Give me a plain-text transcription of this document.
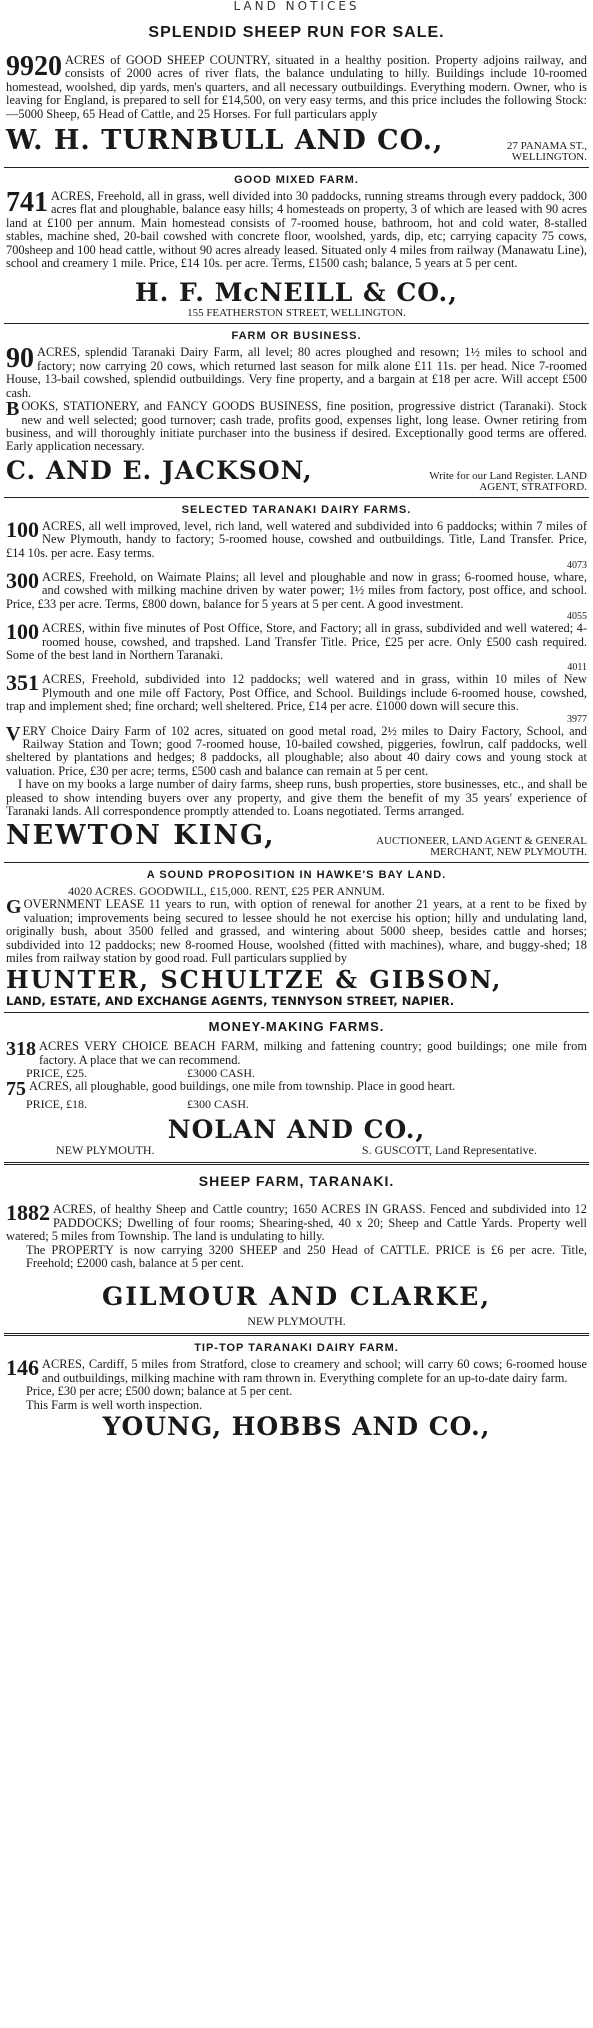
LAND NOTICES
SPLENDID SHEEP RUN FOR SALE.
9920 ACRES of GOOD SHEEP COUNTRY, situated in a healthy position. Property adjoins railway, and consists of 2000 acres of river flats, the balance undulating to hilly. Buildings include 10-roomed homestead, woolshed, dip yards, men's quarters, and all necessary outbuildings. Everything modern. Owner, who is leaving for England, is prepared to sell for £14,500, on very easy terms, and this price includes the following Stock:—5000 Sheep, 65 Head of Cattle, and 25 Horses. For full particulars apply
W. H. TURNBULL AND CO.,	27 PANAMA ST., WELLINGTON.
GOOD MIXED FARM.
741 ACRES, Freehold, all in grass, well divided into 30 paddocks, running streams through every paddock, 300 acres flat and ploughable, balance easy hills; 4 homesteads on property, 3 of which are leased with 90 acres land at £100 per annum. Main homestead consists of 7-roomed house, bathroom, hot and cold water, 8-stalled stables, machine shed, 20-bail cowshed with concrete floor, woolshed, yards, dip, etc; carrying capacity 75 cows, 700sheep and 100 head cattle, without 90 acres already leased. Situated only 4 miles from railway (Manawatu Line), school and creamery 1 mile. Price, £14 10s. per acre. Terms, £1500 cash; balance, 5 years at 5 per cent.
H. F. McNEILL & CO.,
155 FEATHERSTON STREET, WELLINGTON.
FARM OR BUSINESS.
90 ACRES, splendid Taranaki Dairy Farm, all level; 80 acres ploughed and resown; 1½ miles to school and factory; now carrying 20 cows, which returned last season for milk alone £11 11s. per head. Nice 7-roomed House, 13-bail cowshed, splendid outbuildings. Very fine property, and a bargain at £18 per acre. Will accept £500 cash.
B OOKS, STATIONERY, and FANCY GOODS BUSINESS, fine position, progressive district (Taranaki). Stock new and well selected; good turnover; cash trade, profits good, expenses light, long lease. Owner retiring from business, and will thoroughly initiate purchaser into the business if desired. Exceptionally good terms are offered. Early application necessary.
C. AND E. JACKSON,	Write for our Land Register. LAND AGENT, STRATFORD.
SELECTED TARANAKI DAIRY FARMS.
100 ACRES, all well improved, level, rich land, well watered and subdivided into 6 paddocks; within 7 miles of New Plymouth, handy to factory; 5-roomed house, cowshed and outbuildings. Title, Land Transfer. Price, £14 10s. per acre. Easy terms.
4073
300 ACRES, Freehold, on Waimate Plains; all level and ploughable and now in grass; 6-roomed house, whare, and cowshed with milking machine driven by water power; 1½ miles from factory, post office, and school. Price, £33 per acre. Terms, £800 down, balance for 5 years at 5 per cent. A good investment.
4055
100 ACRES, within five minutes of Post Office, Store, and Factory; all in grass, subdivided and well watered; 4-roomed house, cowshed, and trapshed. Land Transfer Title. Price, £25 per acre. Only £500 cash required. Some of the best land in Northern Taranaki.
4011
351 ACRES, Freehold, subdivided into 12 paddocks; well watered and in grass, within 10 miles of New Plymouth and one mile off Factory, Post Office, and School. Buildings include 6-roomed house, cowshed, trap and implement shed; fine orchard; well sheltered. Price, £14 per acre. £1000 down will secure this.
3977
V ERY Choice Dairy Farm of 102 acres, situated on good metal road, 2½ miles to Dairy Factory, School, and Railway Station and Town; good 7-roomed house, 10-bailed cowshed, piggeries, fowlrun, calf paddocks, well sheltered by plantations and hedges; 8 paddocks, all ploughable; also about 40 dairy cows and young stock at valuation. Price, £30 per acre; terms, £500 cash and balance can remain at 5 per cent.
I have on my books a large number of dairy farms, sheep runs, bush properties, store businesses, etc., and shall be pleased to show intending buyers over any property, and give them the benefit of my 35 years' experience of Taranaki lands. All correspondence promptly attended to. Loans negotiated. Terms arranged.
NEWTON KING,	AUCTIONEER, LAND AGENT & GENERAL MERCHANT, NEW PLYMOUTH.
A SOUND PROPOSITION IN HAWKE'S BAY LAND.
4020 ACRES. GOODWILL, £15,000. RENT, £25 PER ANNUM.
G OVERNMENT LEASE 11 years to run, with option of renewal for another 21 years, at a rent to be fixed by valuation; improvements being secured to lessee should he not exercise his option; hilly and undulating land, originally bush, about 3500 felled and grassed, and wintering about 5000 sheep, besides cattle and horses; subdivided into 12 paddocks; new 8-roomed House, woolshed (fitted with machines), whare, and buggy-shed; 18 miles from railway station by good road. Full particulars supplied by
HUNTER, SCHULTZE & GIBSON,
LAND, ESTATE, AND EXCHANGE AGENTS, TENNYSON STREET, NAPIER.
MONEY-MAKING FARMS.
318 ACRES VERY CHOICE BEACH FARM, milking and fattening country; good buildings; one mile from factory. A place that we can recommend.
PRICE, £25.	£3000 CASH.
75 ACRES, all ploughable, good buildings, one mile from township. Place in good heart.
PRICE, £18.	£300 CASH.
NOLAN AND CO.,
NEW PLYMOUTH.	S. GUSCOTT, Land Representative.
SHEEP FARM, TARANAKI.
1882 ACRES, of healthy Sheep and Cattle country; 1650 ACRES IN GRASS. Fenced and subdivided into 12 PADDOCKS; Dwelling of four rooms; Shearing-shed, 40 x 20; Sheep and Cattle Yards. Property well watered; 5 miles from Township. The land is undulating to hilly.
The PROPERTY is now carrying 3200 SHEEP and 250 Head of CATTLE. PRICE is £6 per acre. Title, Freehold; £2000 cash, balance at 5 per cent.
GILMOUR AND CLARKE,
NEW PLYMOUTH.
TIP-TOP TARANAKI DAIRY FARM.
146 ACRES, Cardiff, 5 miles from Stratford, close to creamery and school; will carry 60 cows; 6-roomed house and outbuildings, milking machine with ram thrown in. Everything complete for an up-to-date dairy farm.
Price, £30 per acre; £500 down; balance at 5 per cent.
This Farm is well worth inspection.
YOUNG, HOBBS AND CO.,
